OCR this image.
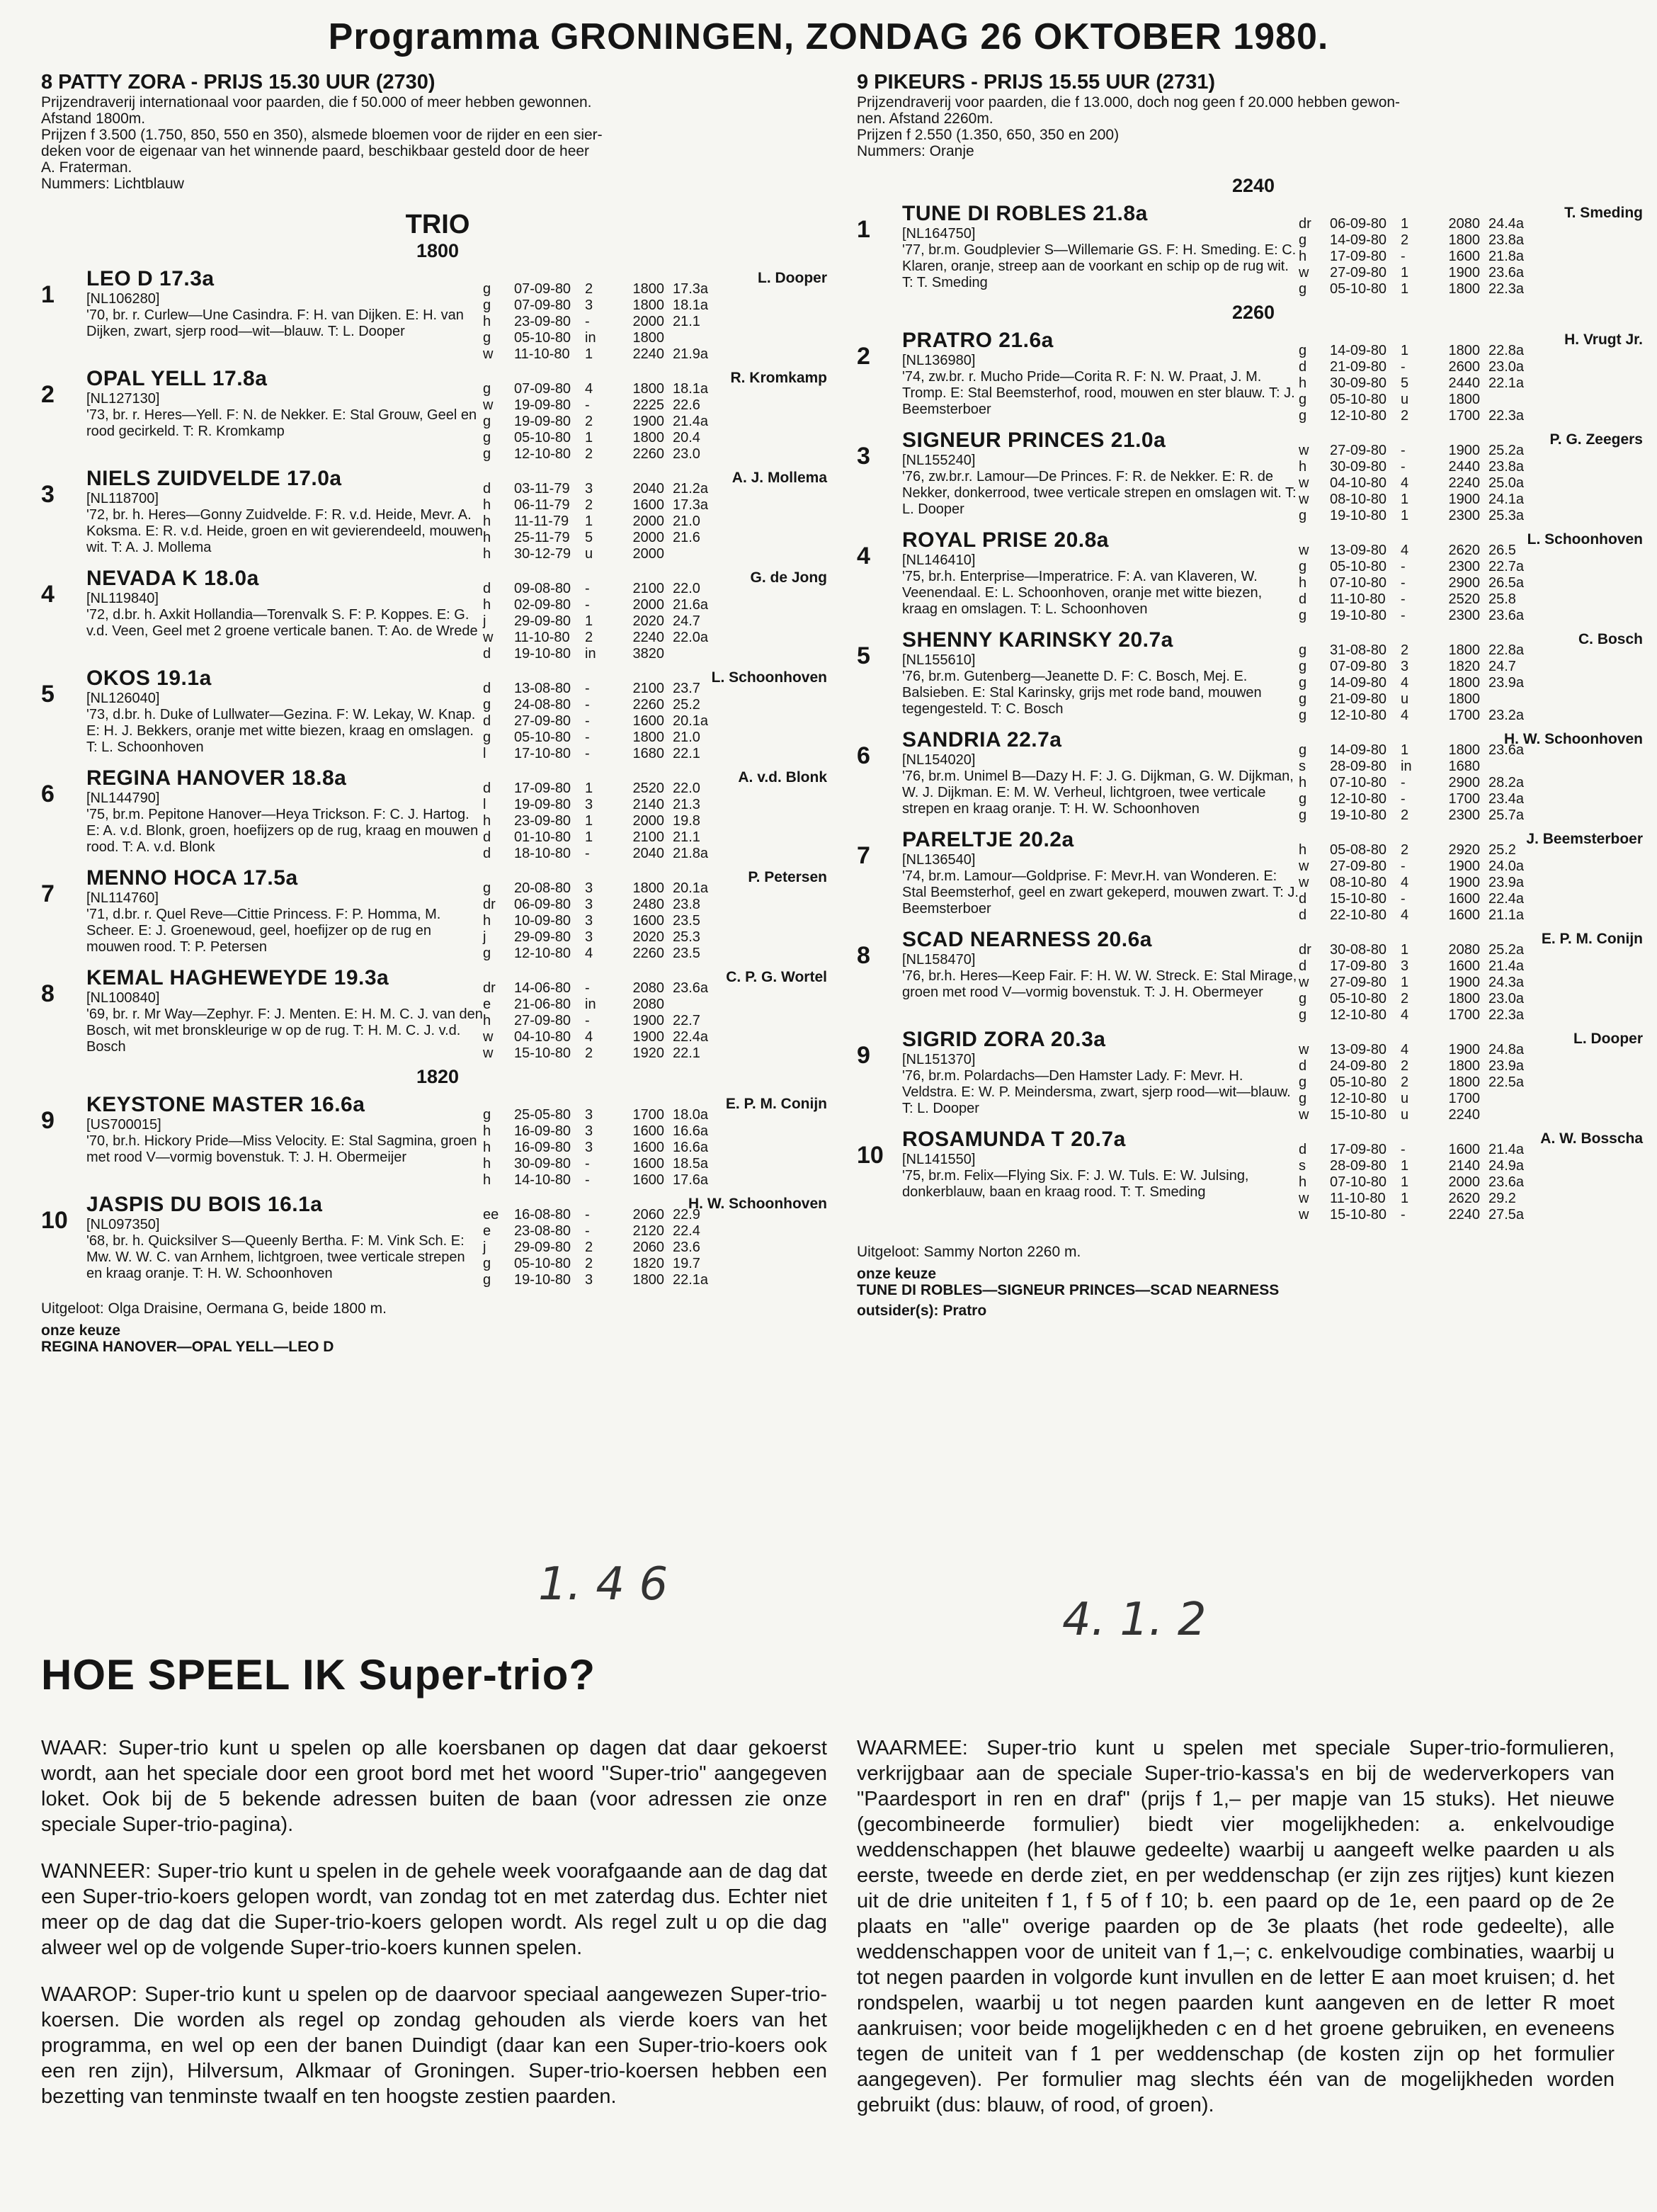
Programma GRONINGEN, ZONDAG 26 OKTOBER 1980.
8 PATTY ZORA - PRIJS 15.30 UUR (2730)
Prijzendraverij internationaal voor paarden, die f 50.000 of meer hebben gewonnen.
Afstand 1800m.
Prijzen f 3.500 (1.750, 850, 550 en 350), alsmede bloemen voor de rijder en een sier-
deken voor de eigenaar van het winnende paard, beschikbaar gesteld door de heer
A. Fraterman.
Nummers: Lichtblauw
TRIO
1800
1
LEO D 17.3a
[NL106280]
'70, br. r. Curlew—Une Casindra. F: H. van Dijken. E: H. van Dijken, zwart, sjerp rood—wit—blauw. T: L. Dooper
L. Dooper
g	07-09-80 2	1800 17.3a
g	07-09-80 3	1800 18.1a
h	23-09-80 -	2000 21.1
g	05-10-80 in	1800
w	11-10-80	1	2240 21.9a
2
OPAL YELL 17.8a
[NL127130]
'73, br. r. Heres—Yell. F: N. de Nekker. E: Stal Grouw, Geel en rood gecirkeld. T: R. Kromkamp
R. Kromkamp
g	07-09-80 4	1800 18.1a
w	19-09-80 -	2225 22.6
g	19-09-80 2	1900 21.4a
g	05-10-80 1	1800 20.4
g	12-10-80 2	2260 23.0
3
NIELS ZUIDVELDE 17.0a
[NL118700]
'72, br. h. Heres—Gonny Zuidvelde. F: R. v.d. Heide, Mevr. A. Koksma. E: R. v.d. Heide, groen en wit gevierendeeld, mouwen wit. T: A. J. Mollema
A. J. Mollema
d	03-11-79	3	2040 21.2a
h	06-11-79	2	1600 17.3a
h	11-11-79	1	2000 21.0
h	25-11-79	5	2000 21.6
h	30-12-79 u	2000
4
NEVADA K 18.0a
[NL119840]
'72, d.br. h. Axkit Hollandia—Torenvalk S. F: P. Koppes. E: G. v.d. Veen, Geel met 2 groene verticale banen. T: Ao. de Wrede
G. de Jong
d	09-08-80 -	2100 22.0
h	02-09-80 -	2000 21.6a
j	29-09-80 1	2020 24.7
w	11-10-80	2	2240 22.0a
d	19-10-80 in	3820
5
OKOS 19.1a
[NL126040]
'73, d.br. h. Duke of Lullwater—Gezina. F: W. Lekay, W. Knap. E: H. J. Bekkers, oranje met witte biezen, kraag en omslagen. T: L. Schoonhoven
L. Schoonhoven
d	13-08-80 -	2100 23.7
g	24-08-80 -	2260 25.2
d	27-09-80 -	1600 20.1a
g	05-10-80 -	1800 21.0
l	17-10-80 -	1680 22.1
6
REGINA HANOVER 18.8a
[NL144790]
'75, br.m. Pepitone Hanover—Heya Trickson. F: C. J. Hartog. E: A. v.d. Blonk, groen, hoefijzers op de rug, kraag en mouwen rood. T: A. v.d. Blonk
A. v.d. Blonk
d	17-09-80 1	2520 22.0
l	19-09-80 3	2140 21.3
h	23-09-80 1	2000 19.8
d	01-10-80 1	2100 21.1
d	18-10-80 -	2040 21.8a
7
MENNO HOCA 17.5a
[NL114760]
'71, d.br. r. Quel Reve—Cittie Princess. F: P. Homma, M. Scheer. E: J. Groenewoud, geel, hoefijzer op de rug en mouwen rood. T: P. Petersen
P. Petersen
g	20-08-80 3	1800 20.1a
dr	06-09-80 3	2480 23.8
h	10-09-80 3	1600 23.5
j	29-09-80 3	2020 25.3
g	12-10-80 4	2260 23.5
8
KEMAL HAGHEWEYDE 19.3a
[NL100840]
'69, br. r. Mr Way—Zephyr. F: J. Menten. E: H. M. C. J. van den Bosch, wit met bronskleurige w op de rug. T: H. M. C. J. v.d. Bosch
C. P. G. Wortel
dr	14-06-80 -	2080 23.6a
e	21-06-80 in	2080
h	27-09-80 -	1900 22.7
w	04-10-80 4	1900 22.4a
w	15-10-80 2	1920 22.1
1820
9
KEYSTONE MASTER 16.6a
[US700015]
'70, br.h. Hickory Pride—Miss Velocity. E: Stal Sagmina, groen met rood V—vormig bovenstuk. T: J. H. Obermeijer
E. P. M. Conijn
g	25-05-80 3	1700 18.0a
h	16-09-80 3	1600 16.6a
h	16-09-80 3	1600 16.6a
h	30-09-80 -	1600 18.5a
h	14-10-80 -	1600 17.6a
10
JASPIS DU BOIS 16.1a
[NL097350]
'68, br. h. Quicksilver S—Queenly Bertha. F: M. Vink Sch. E: Mw. W. W. C. van Arnhem, lichtgroen, twee verticale strepen en kraag oranje. T: H. W. Schoonhoven
H. W. Schoonhoven
ee	16-08-80 -	2060 22.9
e	23-08-80 -	2120 22.4
j	29-09-80 2	2060 23.6
g	05-10-80 2	1820 19.7
g	19-10-80 3	1800 22.1a
Uitgeloot: Olga Draisine, Oermana G, beide 1800 m.
onze keuze
REGINA HANOVER—OPAL YELL—LEO D
9 PIKEURS - PRIJS 15.55 UUR (2731)
Prijzendraverij voor paarden, die f 13.000, doch nog geen f 20.000 hebben gewon-
nen. Afstand 2260m.
Prijzen f 2.550 (1.350, 650, 350 en 200)
Nummers: Oranje
2240
1
TUNE DI ROBLES 21.8a
[NL164750]
'77, br.m. Goudplevier S—Willemarie GS. F: H. Smeding. E: C. Klaren, oranje, streep aan de voorkant en schip op de rug wit. T: T. Smeding
T. Smeding
dr	06-09-80 1	2080 24.4a
g	14-09-80 2	1800 23.8a
h	17-09-80 -	1600 21.8a
w	27-09-80 1	1900 23.6a
g	05-10-80 1	1800 22.3a
2260
2
PRATRO 21.6a
[NL136980]
'74, zw.br. r. Mucho Pride—Corita R. F: N. W. Praat, J. M. Tromp. E: Stal Beemsterhof, rood, mouwen en ster blauw. T: J. Beemsterboer
H. Vrugt Jr.
g	14-09-80 1	1800 22.8a
d	21-09-80 -	2600 23.0a
h	30-09-80 5	2440 22.1a
g	05-10-80 u	1800
g	12-10-80 2	1700 22.3a
3
SIGNEUR PRINCES 21.0a
[NL155240]
'76, zw.br.r. Lamour—De Princes. F: R. de Nekker. E: R. de Nekker, donkerrood, twee verticale strepen en omslagen wit. T: L. Dooper
P. G. Zeegers
w	27-09-80 -	1900 25.2a
h	30-09-80 -	2440 23.8a
w	04-10-80 4	2240 25.0a
w	08-10-80 1	1900 24.1a
g	19-10-80 1	2300 25.3a
4
ROYAL PRISE 20.8a
[NL146410]
'75, br.h. Enterprise—Imperatrice. F: A. van Klaveren, W. Veenendaal. E: L. Schoonhoven, oranje met witte biezen, kraag en omslagen. T: L. Schoonhoven
L. Schoonhoven
w	13-09-80 4	2620 26.5
g	05-10-80 -	2300 22.7a
h	07-10-80 -	2900 26.5a
d	11-10-80	-	2520 25.8
g	19-10-80 -	2300 23.6a
5
SHENNY KARINSKY 20.7a
[NL155610]
'76, br.m. Gutenberg—Jeanette D. F: C. Bosch, Mej. E. Balsieben. E: Stal Karinsky, grijs met rode band, mouwen tegengesteld. T: C. Bosch
C. Bosch
g	31-08-80 2	1800 22.8a
g	07-09-80 3	1820 24.7
g	14-09-80 4	1800 23.9a
g	21-09-80 u	1800
g	12-10-80 4	1700 23.2a
6
SANDRIA 22.7a
[NL154020]
'76, br.m. Unimel B—Dazy H. F: J. G. Dijkman, G. W. Dijkman, W. J. Dijkman. E: M. W. Verheul, lichtgroen, twee verticale strepen en kraag oranje. T: H. W. Schoonhoven
H. W. Schoonhoven
g	14-09-80 1	1800 23.6a
s	28-09-80 in	1680
h	07-10-80 -	2900 28.2a
g	12-10-80 -	1700 23.4a
g	19-10-80 2	2300 25.7a
7
PARELTJE 20.2a
[NL136540]
'74, br.m. Lamour—Goldprise. F: Mevr.H. van Wonderen. E: Stal Beemsterhof, geel en zwart gekeperd, mouwen zwart. T: J. Beemsterboer
J. Beemsterboer
h	05-08-80 2	2920 25.2
w	27-09-80 -	1900 24.0a
w	08-10-80 4	1900 23.9a
d	15-10-80 -	1600 22.4a
d	22-10-80 4	1600 21.1a
8
SCAD NEARNESS 20.6a
[NL158470]
'76, br.h. Heres—Keep Fair. F: H. W. W. Streck. E: Stal Mirage, groen met rood V—vormig bovenstuk. T: J. H. Obermeyer
E. P. M. Conijn
dr	30-08-80 1	2080 25.2a
d	17-09-80 3	1600 21.4a
w	27-09-80 1	1900 24.3a
g	05-10-80 2	1800 23.0a
g	12-10-80 4	1700 22.3a
9
SIGRID ZORA 20.3a
[NL151370]
'76, br.m. Polardachs—Den Hamster Lady. F: Mevr. H. Veldstra. E: W. P. Meindersma, zwart, sjerp rood—wit—blauw. T: L. Dooper
L. Dooper
w	13-09-80 4	1900 24.8a
d	24-09-80 2	1800 23.9a
g	05-10-80 2	1800 22.5a
g	12-10-80 u	1700
w	15-10-80 u	2240
10
ROSAMUNDA T 20.7a
[NL141550]
'75, br.m. Felix—Flying Six. F: J. W. Tuls. E: W. Julsing, donkerblauw, baan en kraag rood. T: T. Smeding
A. W. Bosscha
d	17-09-80 -	1600 21.4a
s	28-09-80 1	2140 24.9a
h	07-10-80 1	2000 23.6a
w	11-10-80	1	2620 29.2
w	15-10-80 -	2240 27.5a
Uitgeloot: Sammy Norton 2260 m.
onze keuze
TUNE DI ROBLES—SIGNEUR PRINCES—SCAD NEARNESS
outsider(s): Pratro
1. 4 6
4. 1. 2
HOE SPEEL IK Super-trio?

WAAR: Super-trio kunt u spelen op alle koersbanen op dagen dat daar gekoerst wordt, aan het speciale door een groot bord met het woord "Super-trio" aangegeven loket. Ook bij de 5 bekende adressen buiten de baan (voor adressen zie onze speciale Super-trio-pagina).

WANNEER: Super-trio kunt u spelen in de gehele week voorafgaande aan de dag dat een Super-trio-koers gelopen wordt, van zondag tot en met zaterdag dus. Echter niet meer op de dag dat die Super-trio-koers gelopen wordt. Als regel zult u op die dag alweer wel op de volgende Super-trio-koers kunnen spelen.

WAAROP: Super-trio kunt u spelen op de daarvoor speciaal aangewezen Super-trio-koersen. Die worden als regel op zondag gehouden als vierde koers van het programma, en wel op een der banen Duindigt (daar kan een Super-trio-koers ook een ren zijn), Hilversum, Alkmaar of Groningen. Super-trio-koersen hebben een bezetting van tenminste twaalf en ten hoogste zestien paarden.

WAARMEE: Super-trio kunt u spelen met speciale Super-trio-formulieren, verkrijgbaar aan de speciale Super-trio-kassa's en bij de wederverkopers van "Paardesport in ren en draf" (prijs f 1,– per mapje van 15 stuks). Het nieuwe (gecombineerde formulier) biedt vier mogelijkheden: a. enkelvoudige weddenschappen (het blauwe gedeelte) waarbij u aangeeft welke paarden u als eerste, tweede en derde ziet, en per weddenschap (er zijn zes rijtjes) kunt kiezen uit de drie uniteiten f 1, f 5 of f 10; b. een paard op de 1e, een paard op de 2e plaats en "alle" overige paarden op de 3e plaats (het rode gedeelte), alle weddenschappen voor de uniteit van f 1,–; c. enkelvoudige combinaties, waarbij u tot negen paarden in volgorde kunt invullen en de letter E aan moet kruisen; d. het rondspelen, waarbij u tot negen paarden kunt aangeven en de letter R moet aankruisen; voor beide mogelijkheden c en d het groene gebruiken, en eveneens tegen de uniteit van f 1 per weddenschap (de kosten zijn op het formulier aangegeven). Per formulier mag slechts één van de mogelijkheden worden gebruikt (dus: blauw, of rood, of groen).
